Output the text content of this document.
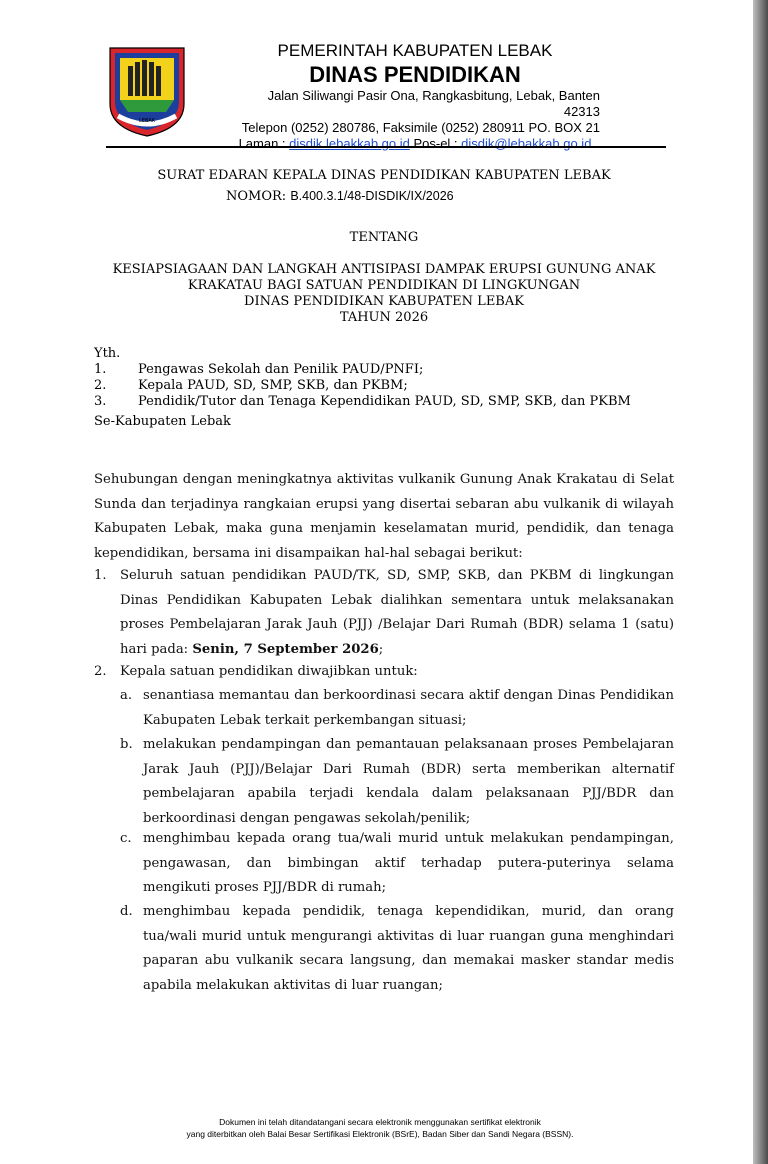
LEBAK
PEMERINTAH KABUPATEN LEBAK
DINAS PENDIDIKAN
Jalan Siliwangi Pasir Ona, Rangkasbitung, Lebak, Banten 42313
Telepon (0252) 280786, Faksimile (0252) 280911 PO. BOX 21
Laman : disdik.lebakkab.go.id Pos-el : disdik@lebakkab.go.id
SURAT EDARAN KEPALA DINAS PENDIDIKAN KABUPATEN LEBAK
NOMOR: B.400.3.1/48-DISDIK/IX/2026
TENTANG
KESIAPSIAGAAN DAN LANGKAH ANTISIPASI DAMPAK ERUPSI GUNUNG ANAK
KRAKATAU BAGI SATUAN PENDIDIKAN DI LINGKUNGAN
DINAS PENDIDIKAN KABUPATEN LEBAK
TAHUN 2026
Yth.
1. Pengawas Sekolah dan Penilik PAUD/PNFI;
2. Kepala PAUD, SD, SMP, SKB, dan PKBM;
3. Pendidik/Tutor dan Tenaga Kependidikan PAUD, SD, SMP, SKB, dan PKBM
Se-Kabupaten Lebak
Sehubungan dengan meningkatnya aktivitas vulkanik Gunung Anak Krakatau di Selat Sunda dan terjadinya rangkaian erupsi yang disertai sebaran abu vulkanik di wilayah Kabupaten Lebak, maka guna menjamin keselamatan murid, pendidik, dan tenaga kependidikan, bersama ini disampaikan hal-hal sebagai berikut:
1.	Seluruh satuan pendidikan PAUD/TK, SD, SMP, SKB, dan PKBM di lingkungan Dinas Pendidikan Kabupaten Lebak dialihkan sementara untuk melaksanakan proses Pembelajaran Jarak Jauh (PJJ) /Belajar Dari Rumah (BDR) selama 1 (satu) hari pada: Senin, 7 September 2026;
2.	Kepala satuan pendidikan diwajibkan untuk:
a. senantiasa memantau dan berkoordinasi secara aktif dengan Dinas Pendidikan Kabupaten Lebak terkait perkembangan situasi;
b. melakukan pendampingan dan pemantauan pelaksanaan proses Pembelajaran Jarak Jauh (PJJ)/Belajar Dari Rumah (BDR) serta memberikan alternatif pembelajaran apabila terjadi kendala dalam pelaksanaan PJJ/BDR dan berkoordinasi dengan pengawas sekolah/penilik;
c. menghimbau kepada orang tua/wali murid untuk melakukan pendampingan, pengawasan, dan bimbingan aktif terhadap putera-puterinya selama mengikuti proses PJJ/BDR di rumah;
d. menghimbau kepada pendidik, tenaga kependidikan, murid, dan orang tua/wali murid untuk mengurangi aktivitas di luar ruangan guna menghindari paparan abu vulkanik secara langsung, dan memakai masker standar medis apabila melakukan aktivitas di luar ruangan;
Dokumen ini telah ditandatangani secara elektronik menggunakan sertifikat elektronik
yang diterbitkan oleh Balai Besar Sertifikasi Elektronik (BSrE), Badan Siber dan Sandi Negara (BSSN).
